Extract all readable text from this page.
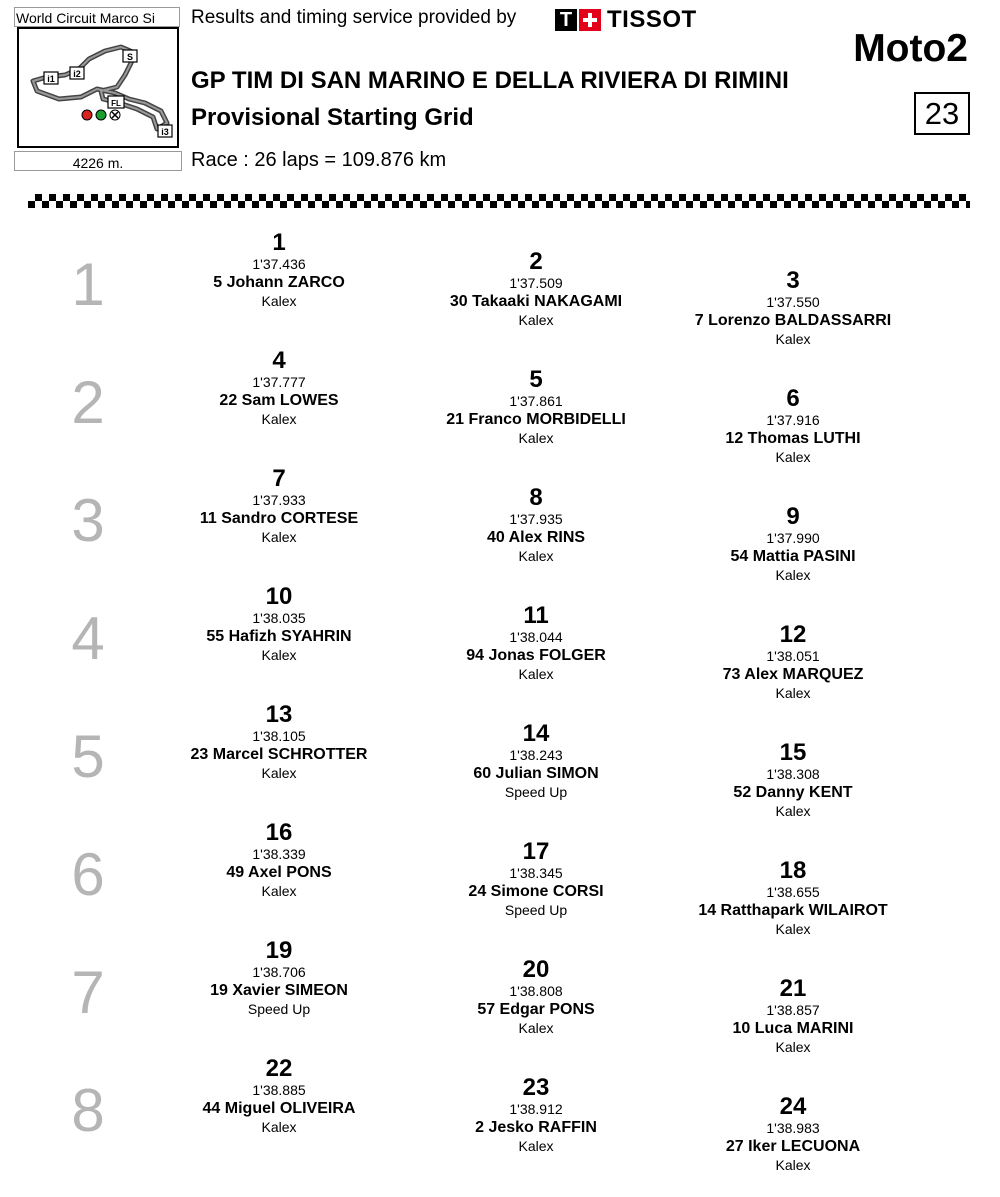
World Circuit Marco Si
S
i1 i2
FL
i3
4226 m.
Results and timing service provided by T TISSOT
Moto2
GP TIM DI SAN MARINO E DELLA RIVIERA DI RIMINI
Provisional Starting Grid	23
Race : 26 laps = 109.876 km
1
2
3
4
5
6
7
8
1
1'37.436
5 Johann ZARCO
Kalex
2
1'37.509
30 Takaaki NAKAGAMI
Kalex
3
1'37.550
7 Lorenzo BALDASSARRI
Kalex
4
1'37.777
22 Sam LOWES
Kalex
5
1'37.861
21 Franco MORBIDELLI
Kalex
6
1'37.916
12 Thomas LUTHI
Kalex
7
1'37.933
11 Sandro CORTESE
Kalex
8
1'37.935
40 Alex RINS
Kalex
9
1'37.990
54 Mattia PASINI
Kalex
10
1'38.035
55 Hafizh SYAHRIN
Kalex
11
1'38.044
94 Jonas FOLGER
Kalex
12
1'38.051
73 Alex MARQUEZ
Kalex
13
1'38.105
23 Marcel SCHROTTER
Kalex
14
1'38.243
60 Julian SIMON
Speed Up
15
1'38.308
52 Danny KENT
Kalex
16
1'38.339
49 Axel PONS
Kalex
17
1'38.345
24 Simone CORSI
Speed Up
18
1'38.655
14 Ratthapark WILAIROT
Kalex
19
1'38.706
19 Xavier SIMEON
Speed Up
20
1'38.808
57 Edgar PONS
Kalex
21
1'38.857
10 Luca MARINI
Kalex
22
1'38.885
44 Miguel OLIVEIRA
Kalex
23
1'38.912
2 Jesko RAFFIN
Kalex
24
1'38.983
27 Iker LECUONA
Kalex
